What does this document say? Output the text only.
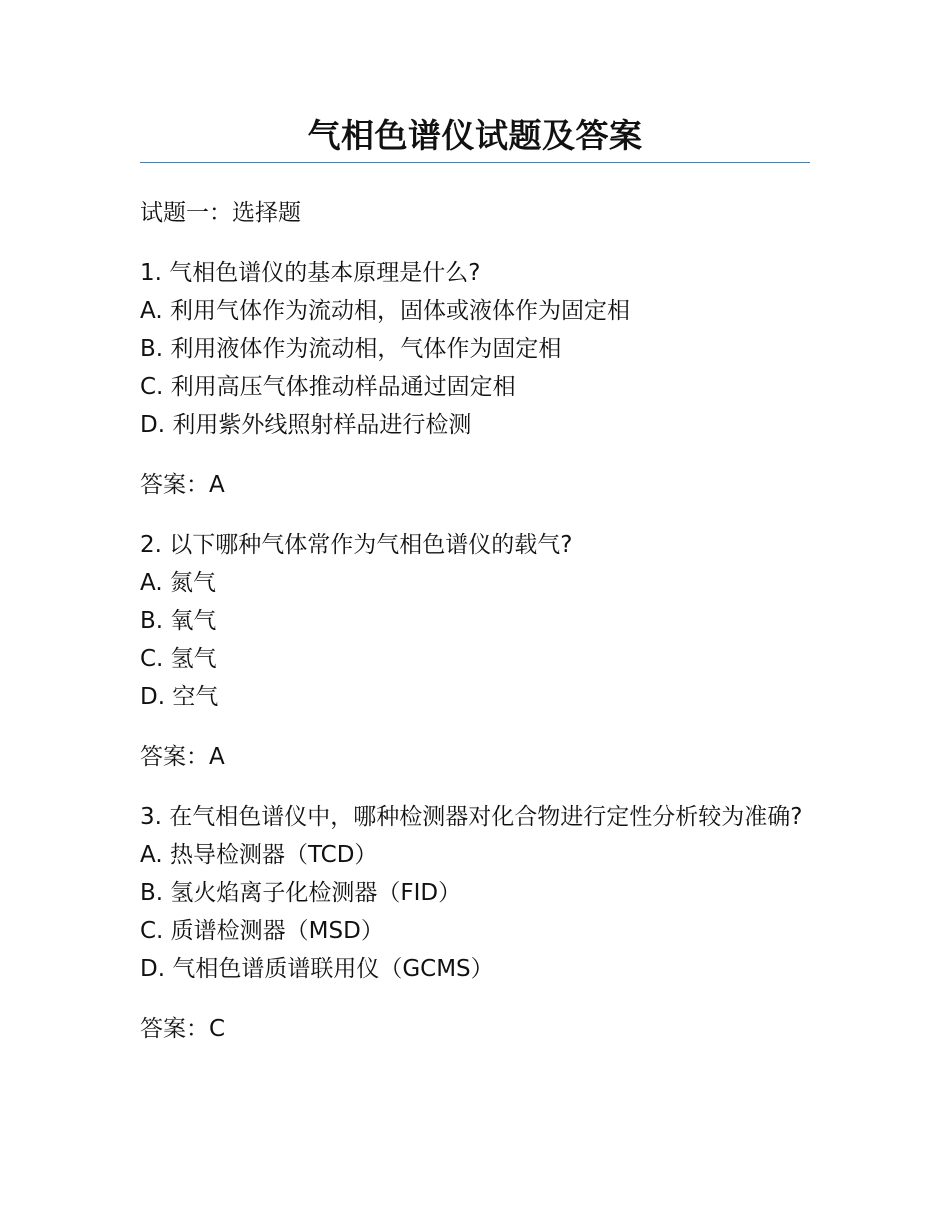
气相色谱仪试题及答案

试题一：选择题

1. 气相色谱仪的基本原理是什么?

A. 利用气体作为流动相，固体或液体作为固定相

B. 利用液体作为流动相，气体作为固定相

C. 利用高压气体推动样品通过固定相

D. 利用紫外线照射样品进行检测

答案：A

2. 以下哪种气体常作为气相色谱仪的载气?

A. 氮气

B. 氧气

C. 氢气

D. 空气

答案：A

3. 在气相色谱仪中，哪种检测器对化合物进行定性分析较为准确?

A. 热导检测器（TCD）

B. 氢火焰离子化检测器（FID）

C. 质谱检测器（MSD）

D. 气相色谱质谱联用仪（GCMS）

答案：C
